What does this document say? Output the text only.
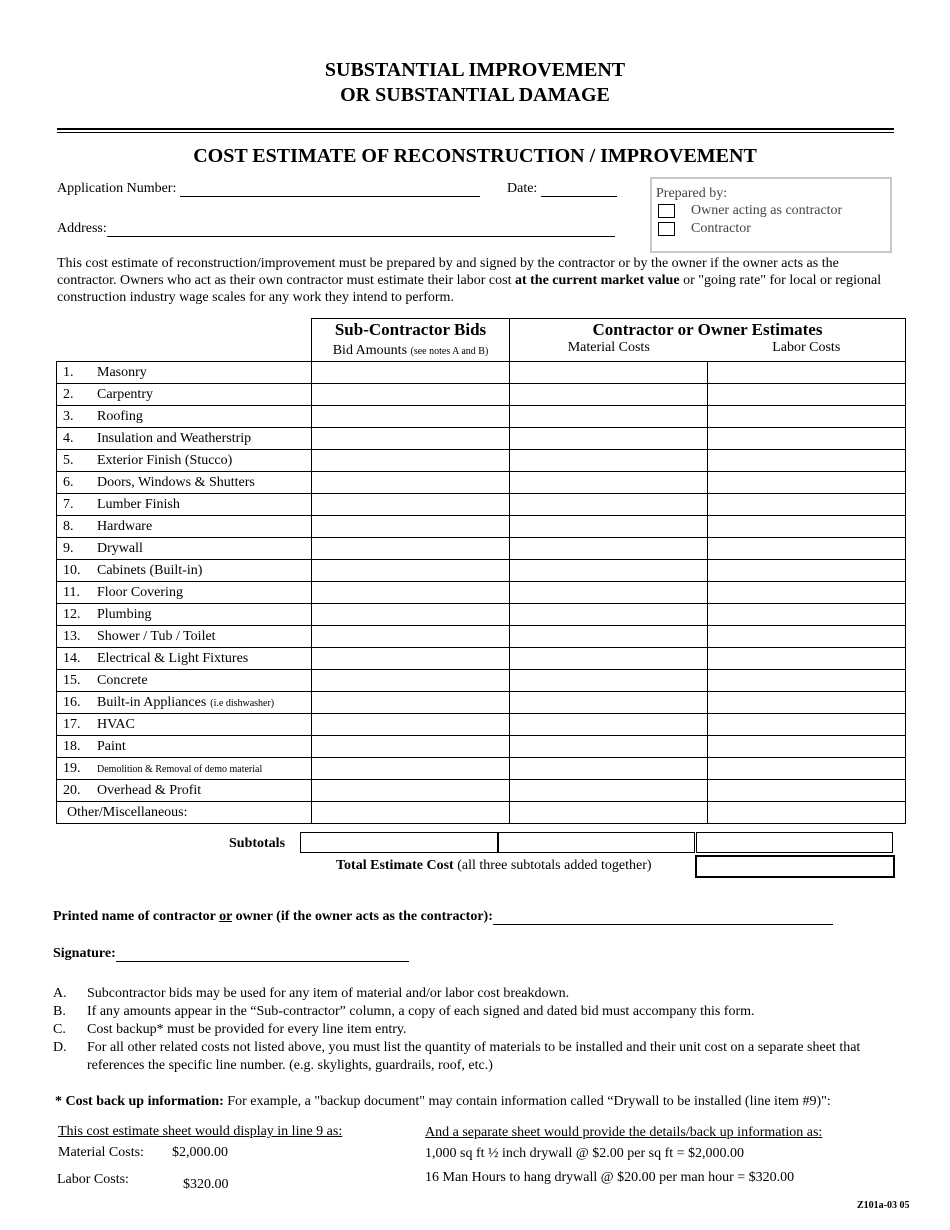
SUBSTANTIAL IMPROVEMENT
OR SUBSTANTIAL DAMAGE
COST ESTIMATE OF RECONSTRUCTION / IMPROVEMENT
Application Number:	Date:
Address:
Prepared by:
Owner acting as contractor
Contractor
This cost estimate of reconstruction/improvement must be prepared by and signed by the contractor or by the owner if the owner acts as the contractor. Owners who act as their own contractor must estimate their labor cost at the current market value or "going rate" for local or regional construction industry wage scales for any work they intend to perform.
	Sub-Contractor Bids	Contractor or Owner Estimates	
	Bid Amounts (see notes A and B)	Material Costs	Labor Costs
1. Masonry			
2. Carpentry			
3. Roofing			
4. Insulation and Weatherstrip			
5. Exterior Finish (Stucco)			
6. Doors, Windows & Shutters			
7. Lumber Finish			
8. Hardware			
9. Drywall			
10. Cabinets (Built-in)			
11. Floor Covering			
12. Plumbing			
13. Shower / Tub / Toilet			
14. Electrical & Light Fixtures			
15. Concrete			
16. Built-in Appliances (i.e dishwasher)			
17. HVAC			
18. Paint			
19. Demolition & Removal of demo material			
20. Overhead & Profit			
Other/Miscellaneous:			
Subtotals
Total Estimate Cost (all three subtotals added together)
Printed name of contractor or owner (if the owner acts as the contractor):
Signature:
A.	Subcontractor bids may be used for any item of material and/or labor cost breakdown.
B.	If any amounts appear in the “Sub-contractor” column, a copy of each signed and dated bid must accompany this form.
C.	Cost backup* must be provided for every line item entry.
D.	For all other related costs not listed above, you must list the quantity of materials to be installed and their unit cost on a separate sheet that references the specific line number. (e.g. skylights, guardrails, roof, etc.)
* Cost back up information: For example, a "backup document" may contain information called “Drywall to be installed (line item #9)":
This cost estimate sheet would display in line 9 as:
Material Costs: $2,000.00
Labor Costs:	$320.00
And a separate sheet would provide the details/back up information as:
1,000 sq ft ½ inch drywall @ $2.00 per sq ft = $2,000.00
16 Man Hours to hang drywall @ $20.00 per man hour = $320.00
Z101a-03 05
